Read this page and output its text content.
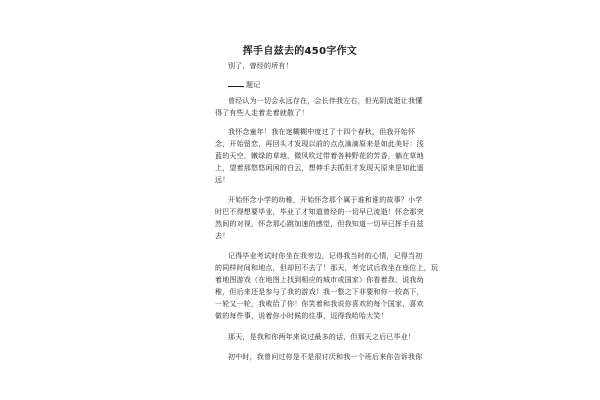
挥手自兹去的450字作文
别了，曾经的所有！
题记
曾经认为一切会永远存在，会长伴我左右，但光阴流逝让我懂
得了有些人走着走着就散了！
我怀念童年！我在迷糊糊中度过了十四个春秋，但我开始怀
念，开始留恋，再回头才发现以前的点点滴滴原来是如此美好：浅
蓝的天空，嫩绿的草地，微风吹过带着各种野花的芳香，躺在草地
上，望着那悠悠闲闲的白云，想伸手去抓但才发现天原来是如此遥
远！
开始怀念小学的幼稚，开始怀念那个属于谁和谁的故事？小学
时巴不得想要毕业，毕业了才知道曾经的一切早已流逝！怀念那突
然间的对视，怀念那心跳加速的感觉，但我知道一切早已挥手自兹
去！
记得毕业考试时你坐在我旁边，记得我当时的心情，记得当初
的同样时间和地点，但却回不去了！那天，考完试后我坐在座位上，玩
着地图游戏（在地图上找到相应的城市或国家）你看着我，说我幼
稚，但后来还是参与了我的游戏！我一整之下非要和你一较高下，
一轮又一轮，我败给了你！你笑着和我说你喜欢的每个国家，喜欢
做的每件事，说着你小时候的往事，逗得我哈哈大笑！
那天，是我和你两年来说过最多的话，但那天之后已毕业！
初中时，我曾问过你是不是很讨厌和我一个班后来你告诉我你
